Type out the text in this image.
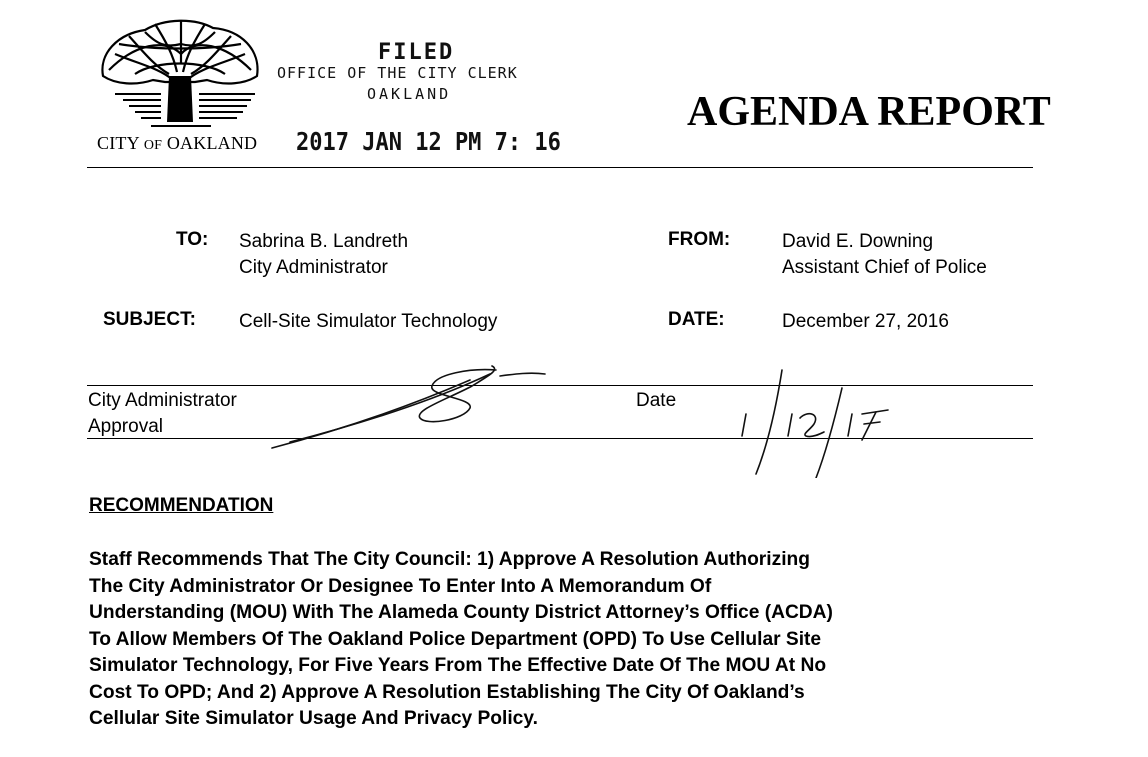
CITY OF OAKLAND
FILED
OFFICE OF THE CITY CLERK
OAKLAND
2017 JAN 12 PM 7: 16
AGENDA REPORT
TO: Sabrina B. Landreth
City Administrator
FROM:	David E. Downing
Assistant Chief of Police
SUBJECT: Cell-Site Simulator Technology	DATE:	December 27, 2016
City Administrator
Approval
Date
RECOMMENDATION
Staff Recommends That The City Council: 1) Approve A Resolution Authorizing
The City Administrator Or Designee To Enter Into A Memorandum Of
Understanding (MOU) With The Alameda County District Attorney’s Office (ACDA)
To Allow Members Of The Oakland Police Department (OPD) To Use Cellular Site
Simulator Technology, For Five Years From The Effective Date Of The MOU At No
Cost To OPD; And 2) Approve A Resolution Establishing The City Of Oakland’s
Cellular Site Simulator Usage And Privacy Policy.
